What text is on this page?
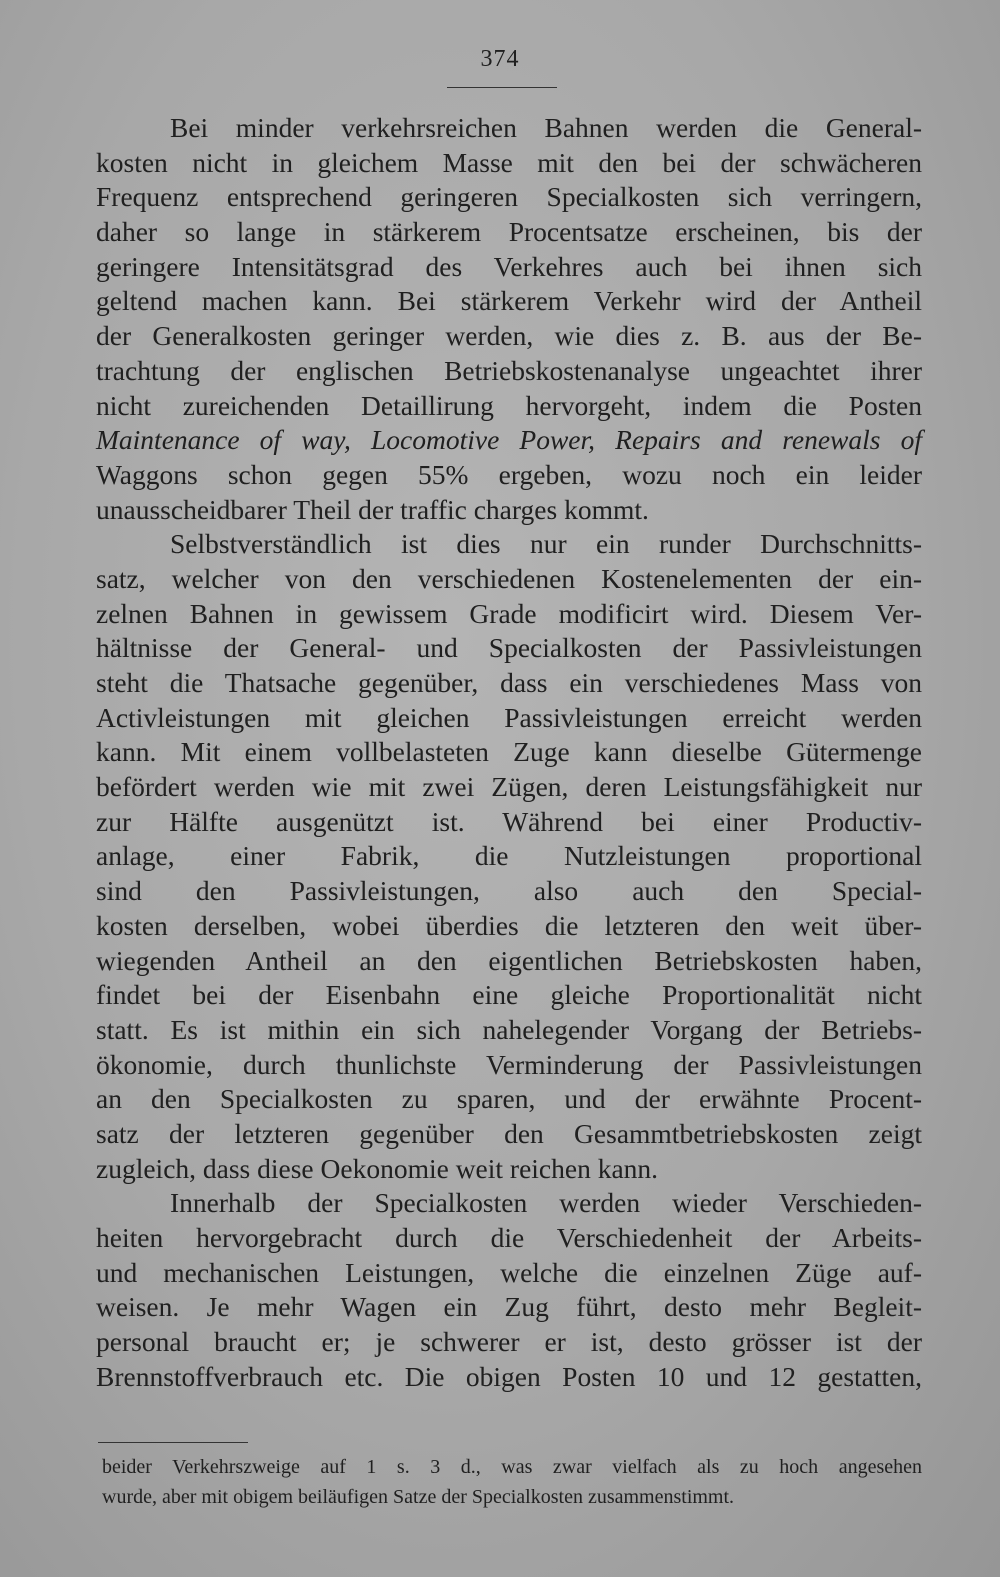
374
Bei minder verkehrsreichen Bahnen werden die General-
kosten nicht in gleichem Masse mit den bei der schwächeren
Frequenz entsprechend geringeren Specialkosten sich verringern,
daher so lange in stärkerem Procentsatze erscheinen, bis der
geringere Intensitätsgrad des Verkehres auch bei ihnen sich
geltend machen kann. Bei stärkerem Verkehr wird der Antheil
der Generalkosten geringer werden, wie dies z. B. aus der Be-
trachtung der englischen Betriebskostenanalyse ungeachtet ihrer
nicht zureichenden Detaillirung hervorgeht, indem die Posten
Maintenance of way, Locomotive Power, Repairs and renewals of
Waggons schon gegen 55% ergeben, wozu noch ein leider
unausscheidbarer Theil der traffic charges kommt.
Selbstverständlich ist dies nur ein runder Durchschnitts-
satz, welcher von den verschiedenen Kostenelementen der ein-
zelnen Bahnen in gewissem Grade modificirt wird. Diesem Ver-
hältnisse der General- und Specialkosten der Passivleistungen
steht die Thatsache gegenüber, dass ein verschiedenes Mass von
Activleistungen mit gleichen Passivleistungen erreicht werden
kann. Mit einem vollbelasteten Zuge kann dieselbe Gütermenge
befördert werden wie mit zwei Zügen, deren Leistungsfähigkeit nur
zur Hälfte ausgenützt ist. Während bei einer Productiv-
anlage, einer Fabrik, die Nutzleistungen proportional
sind den Passivleistungen, also auch den Special-
kosten derselben, wobei überdies die letzteren den weit über-
wiegenden Antheil an den eigentlichen Betriebskosten haben,
findet bei der Eisenbahn eine gleiche Proportionalität nicht
statt. Es ist mithin ein sich nahelegender Vorgang der Betriebs-
ökonomie, durch thunlichste Verminderung der Passivleistungen
an den Specialkosten zu sparen, und der erwähnte Procent-
satz der letzteren gegenüber den Gesammtbetriebskosten zeigt
zugleich, dass diese Oekonomie weit reichen kann.
Innerhalb der Specialkosten werden wieder Verschieden-
heiten hervorgebracht durch die Verschiedenheit der Arbeits-
und mechanischen Leistungen, welche die einzelnen Züge auf-
weisen. Je mehr Wagen ein Zug führt, desto mehr Begleit-
personal braucht er; je schwerer er ist, desto grösser ist der
Brennstoffverbrauch etc. Die obigen Posten 10 und 12 gestatten,
beider Verkehrszweige auf 1 s. 3 d., was zwar vielfach als zu hoch angesehen
wurde, aber mit obigem beiläufigen Satze der Specialkosten zusammenstimmt.
